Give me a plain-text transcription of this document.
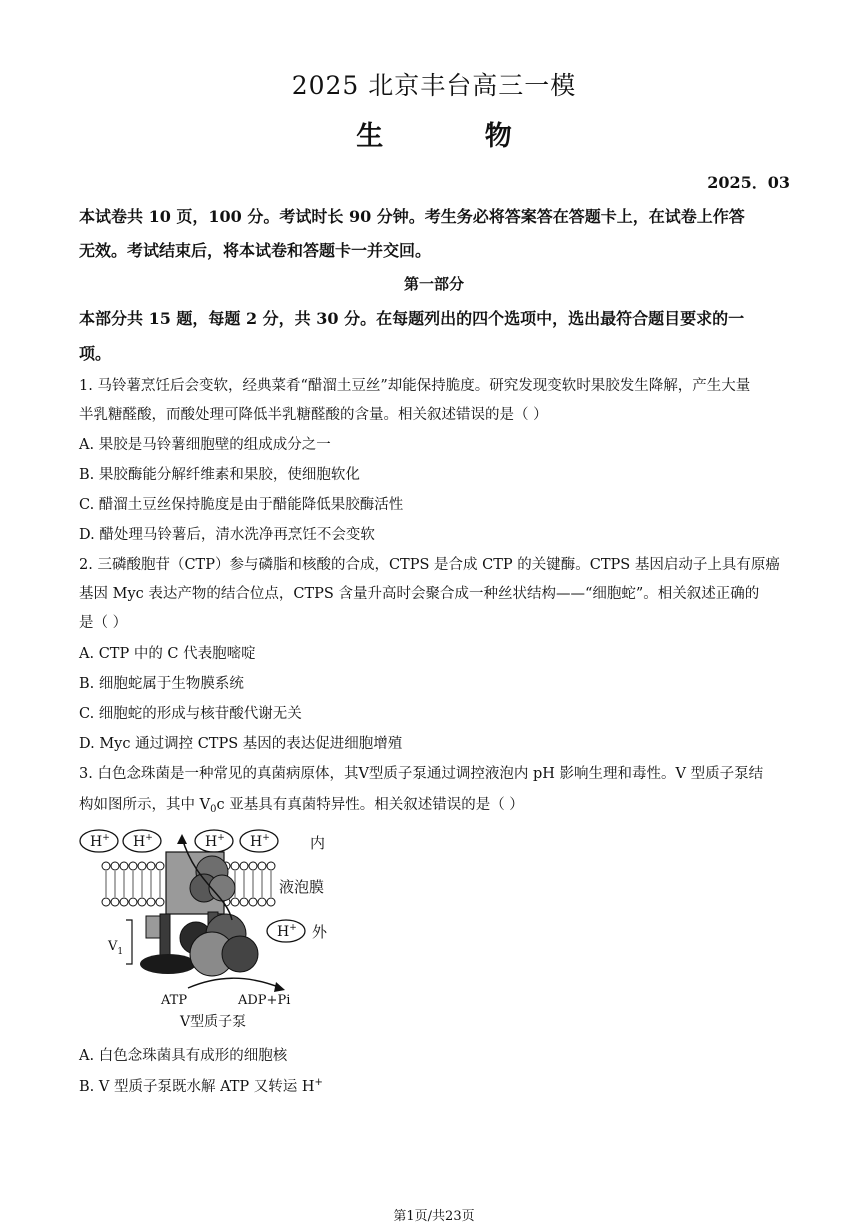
2025 北京丰台高三一模
生 物
2025．03
本试卷共 10 页，100 分。考试时长 90 分钟。考生务必将答案答在答题卡上，在试卷上作答
无效。考试结束后，将本试卷和答题卡一并交回。
第一部分
本部分共 15 题，每题 2 分，共 30 分。在每题列出的四个选项中，选出最符合题目要求的一
项。
1. 马铃薯烹饪后会变软，经典菜肴“醋溜土豆丝”却能保持脆度。研究发现变软时果胶发生降解，产生大量
半乳糖醛酸，而酸处理可降低半乳糖醛酸的含量。相关叙述错误的是（ ）
A. 果胶是马铃薯细胞壁的组成成分之一
B. 果胶酶能分解纤维素和果胶，使细胞软化
C. 醋溜土豆丝保持脆度是由于醋能降低果胶酶活性
D. 醋处理马铃薯后，清水洗净再烹饪不会变软
2. 三磷酸胞苷（CTP）参与磷脂和核酸的合成，CTPS 是合成 CTP 的关键酶。CTPS 基因启动子上具有原癌
基因 Myc 表达产物的结合位点，CTPS 含量升高时会聚合成一种丝状结构——“细胞蛇”。相关叙述正确的
是（ ）
A. CTP 中的 C 代表胞嘧啶
B. 细胞蛇属于生物膜系统
C. 细胞蛇的形成与核苷酸代谢无关
D. Myc 通过调控 CTPS 基因的表达促进细胞增殖
3. 白色念珠菌是一种常见的真菌病原体，其V型质子泵通过调控液泡内 pH 影响生理和毒性。V 型质子泵结
构如图所示，其中 $V_0c$ 亚基具有真菌特异性。相关叙述错误的是（ ）
H+ H+	H+ H+
H+
内
液泡膜
外
$V_1$
ATP	ADP+Pi
V型质子泵
A. 白色念珠菌具有成形的细胞核
B. V 型质子泵既水解 ATP 又转运 H+
第1页/共23页
